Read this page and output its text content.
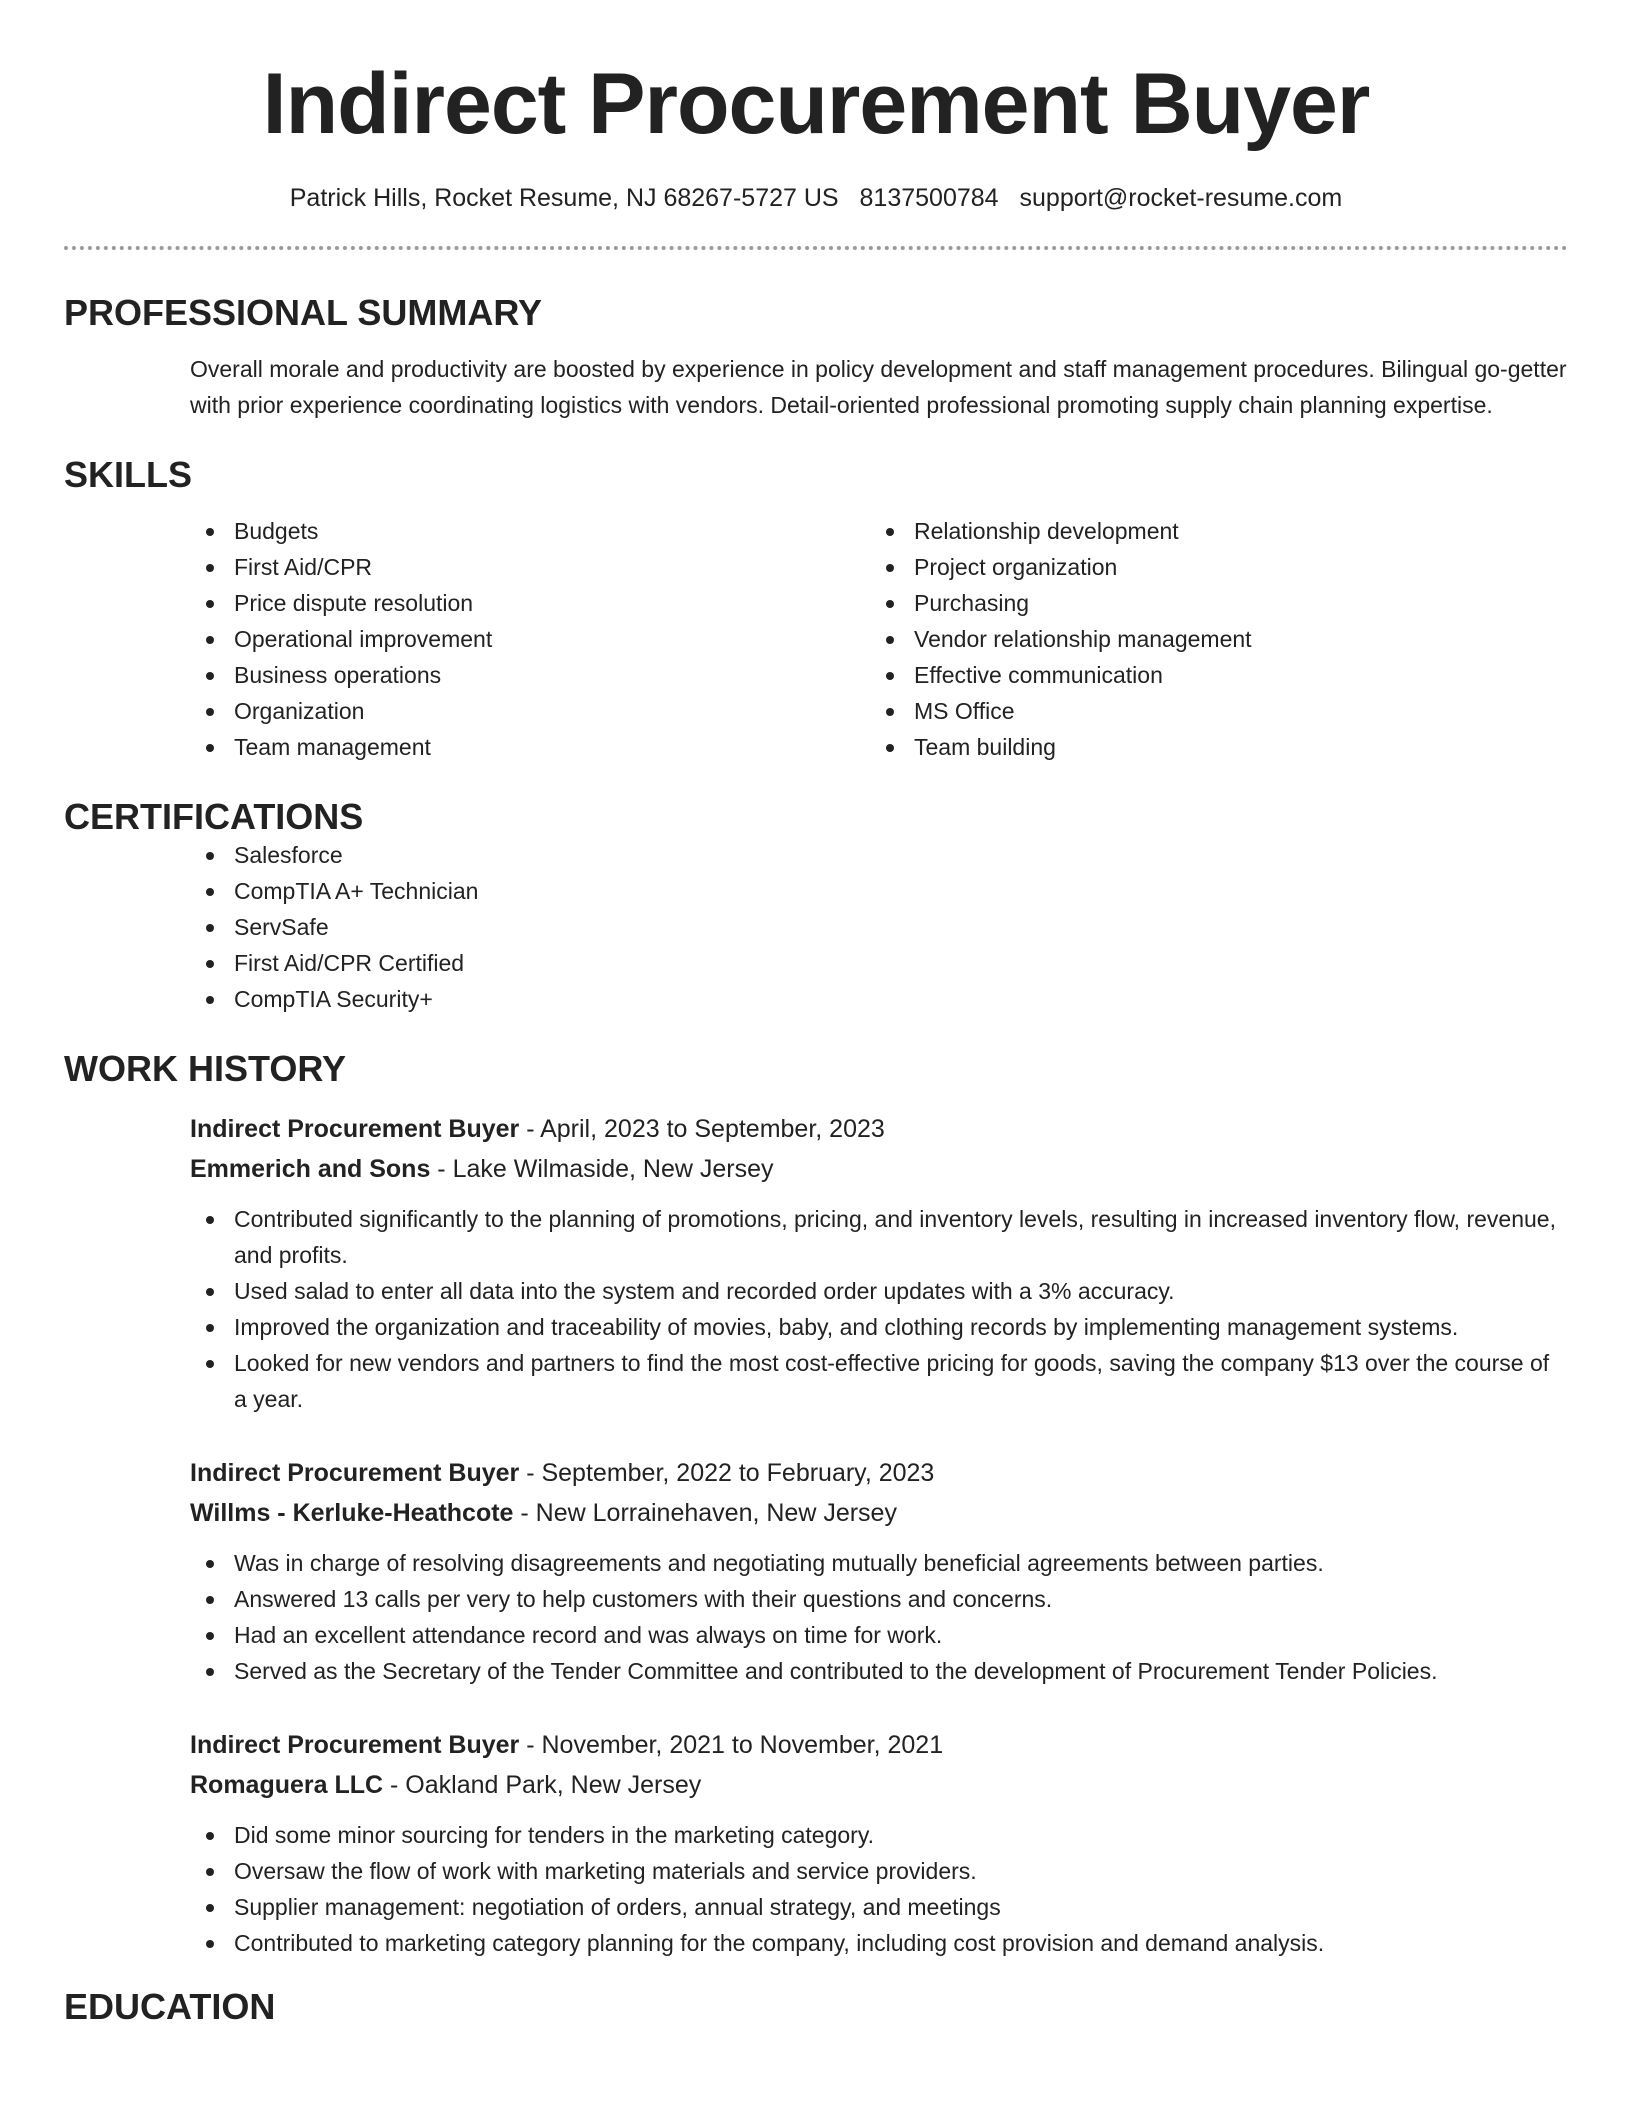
Indirect Procurement Buyer
Patrick Hills, Rocket Resume, NJ 68267-5727 US 8137500784 support@rocket-resume.com
PROFESSIONAL SUMMARY
Overall morale and productivity are boosted by experience in policy development and staff management procedures. Bilingual go-getter with prior experience coordinating logistics with vendors. Detail-oriented professional promoting supply chain planning expertise.
SKILLS
Budgets
First Aid/CPR
Price dispute resolution
Operational improvement
Business operations
Organization
Team management
Relationship development
Project organization
Purchasing
Vendor relationship management
Effective communication
MS Office
Team building
CERTIFICATIONS
Salesforce
CompTIA A+ Technician
ServSafe
First Aid/CPR Certified
CompTIA Security+
WORK HISTORY
Indirect Procurement Buyer - April, 2023 to September, 2023
Emmerich and Sons - Lake Wilmaside, New Jersey
Contributed significantly to the planning of promotions, pricing, and inventory levels, resulting in increased inventory flow, revenue, and profits.
Used salad to enter all data into the system and recorded order updates with a 3% accuracy.
Improved the organization and traceability of movies, baby, and clothing records by implementing management systems.
Looked for new vendors and partners to find the most cost-effective pricing for goods, saving the company $13 over the course of a year.
Indirect Procurement Buyer - September, 2022 to February, 2023
Willms - Kerluke-Heathcote - New Lorrainehaven, New Jersey
Was in charge of resolving disagreements and negotiating mutually beneficial agreements between parties.
Answered 13 calls per very to help customers with their questions and concerns.
Had an excellent attendance record and was always on time for work.
Served as the Secretary of the Tender Committee and contributed to the development of Procurement Tender Policies.
Indirect Procurement Buyer - November, 2021 to November, 2021
Romaguera LLC - Oakland Park, New Jersey
Did some minor sourcing for tenders in the marketing category.
Oversaw the flow of work with marketing materials and service providers.
Supplier management: negotiation of orders, annual strategy, and meetings
Contributed to marketing category planning for the company, including cost provision and demand analysis.
EDUCATION
